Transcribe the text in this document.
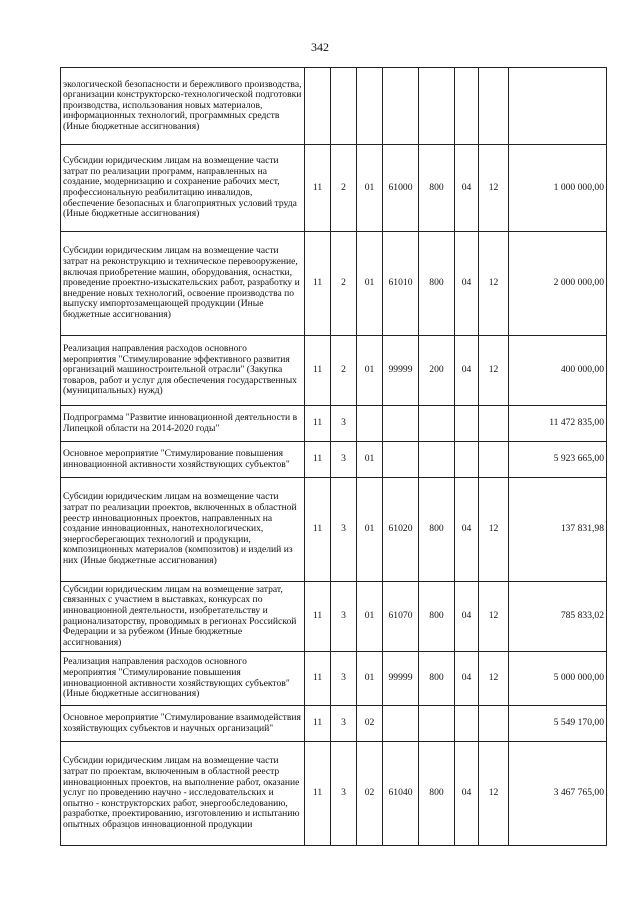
342
экологической безопасности и бережливого производства, организации конструкторско-технологической подготовки производства, использования новых материалов, информационных технологий, программных средств (Иные бюджетные ассигнования)								
Субсидии юридическим лицам на возмещение части затрат по реализации программ, направленных на создание, модернизацию и сохранение рабочих мест, профессиональную реабилитацию инвалидов, обеспечение безопасных и благоприятных условий труда (Иные бюджетные ассигнования)	11	2	01	61000	800	04	12	1 000 000,00
Субсидии юридическим лицам на возмещение части затрат на реконструкцию и техническое перевооружение, включая приобретение машин, оборудования, оснастки, проведение проектно-изыскательских работ, разработку и внедрение новых технологий, освоение производства по выпуску импортозамещающей продукции (Иные бюджетные ассигнования)	11	2	01	61010	800	04	12	2 000 000,00
Реализация направления расходов основного мероприятия "Стимулирование эффективного развития организаций машиностроительной отрасли" (Закупка товаров, работ и услуг для обеспечения государственных (муниципальных) нужд)	11	2	01	99999	200	04	12	400 000,00
Подпрограмма "Развитие инновационной деятельности в Липецкой области на 2014-2020 годы"	11	3						11 472 835,00
Основное мероприятие "Стимулирование повышения инновационной активности хозяйствующих субъектов"	11	3	01					5 923 665,00
Субсидии юридическим лицам на возмещение части затрат по реализации проектов, включенных в областной реестр инновационных проектов, направленных на создание инновационных, нанотехнологических, энергосберегающих технологий и продукции, композиционных материалов (композитов) и изделий из них (Иные бюджетные ассигнования)	11	3	01	61020	800	04	12	137 831,98
Субсидии юридическим лицам на возмещение затрат, связанных с участием в выставках, конкурсах по инновационной деятельности, изобретательству и рационализаторству, проводимых в регионах Российской Федерации и за рубежом (Иные бюджетные ассигнования)	11	3	01	61070	800	04	12	785 833,02
Реализация направления расходов основного мероприятия "Стимулирование повышения инновационной активности хозяйствующих субъектов" (Иные бюджетные ассигнования)	11	3	01	99999	800	04	12	5 000 000,00
Основное мероприятие "Стимулирование взаимодействия хозяйствующих субъектов и научных организаций"	11	3	02					5 549 170,00
Субсидии юридическим лицам на возмещение части затрат по проектам, включенным в областной реестр инновационных проектов, на выполнение работ, оказание услуг по проведению научно - исследовательских и опытно - конструкторских работ, энергообследованию, разработке, проектированию, изготовлению и испытанию опытных образцов инновационной продукции	11	3	02	61040	800	04	12	3 467 765,00
